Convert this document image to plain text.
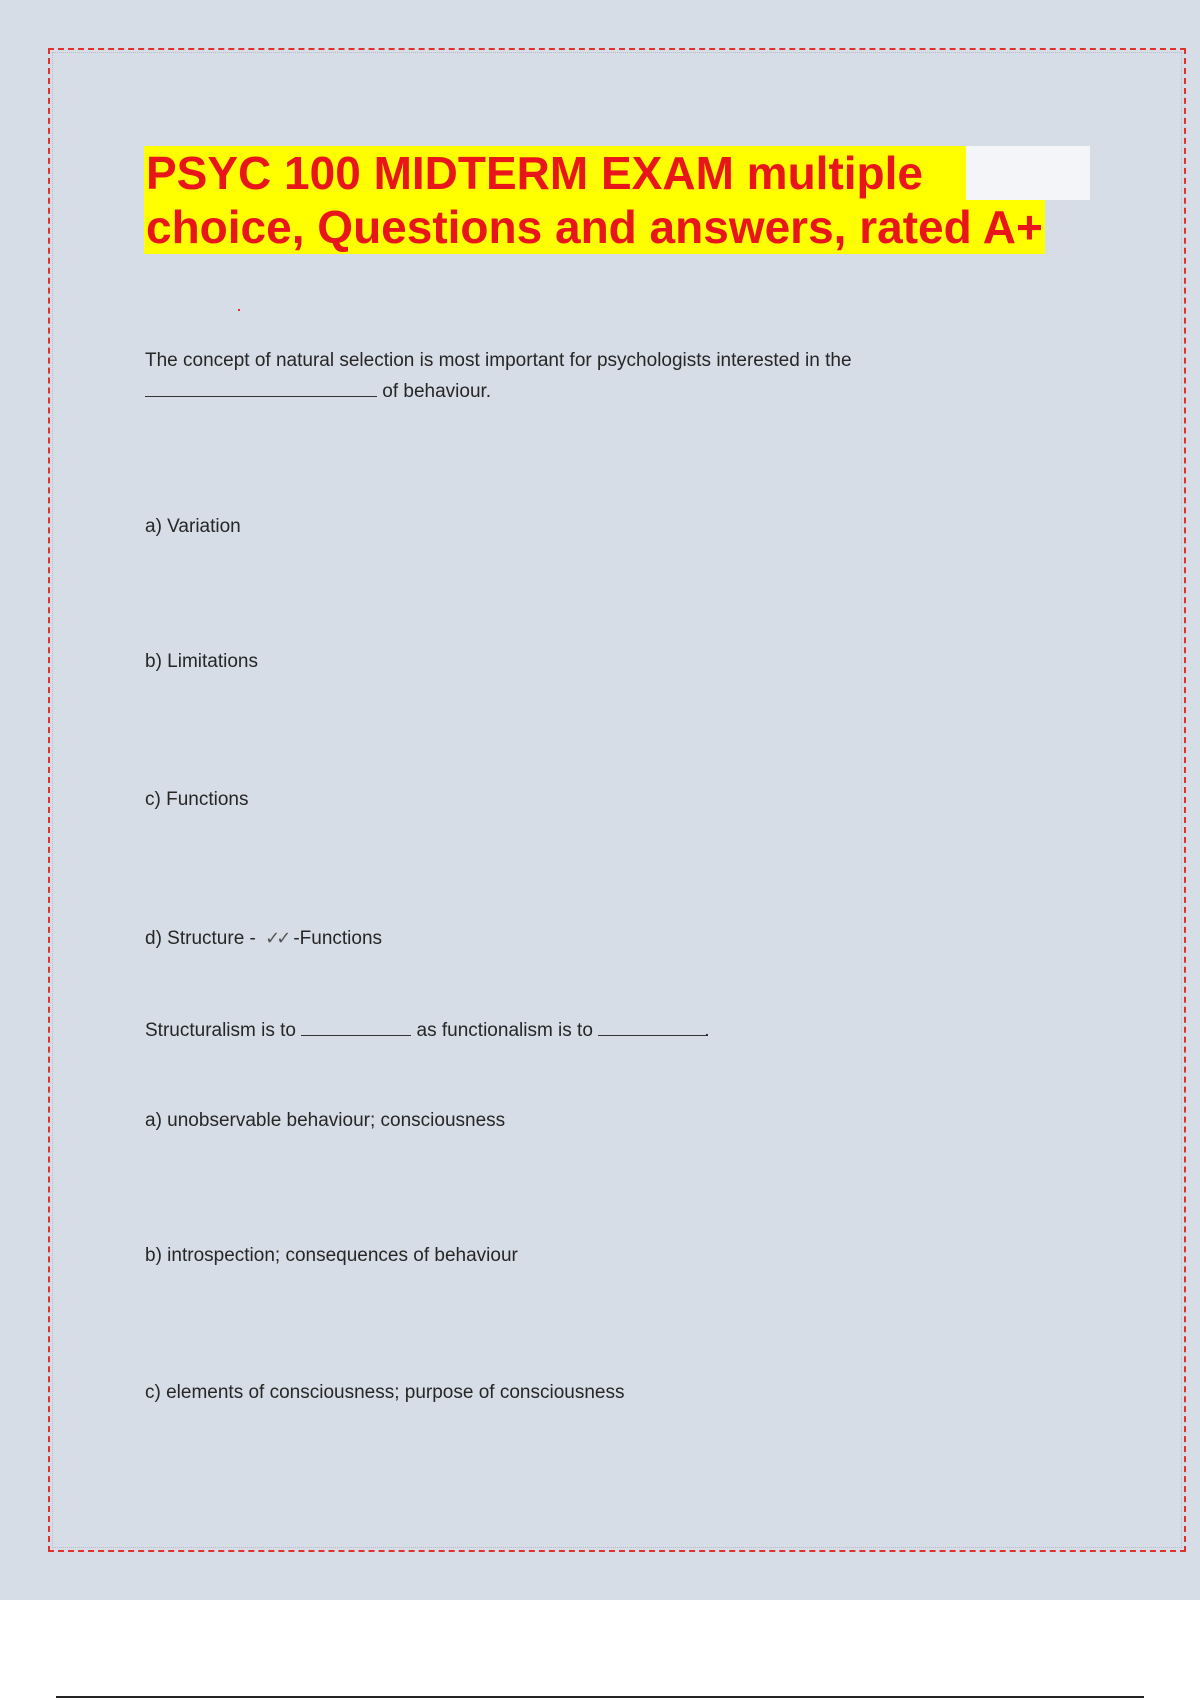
PSYC 100 MIDTERM EXAM multiple
choice, Questions and answers, rated A+
The concept of natural selection is most important for psychologists interested in the
of behaviour.
a) Variation
b) Limitations
c) Functions
d) Structure - ✓✓ -Functions
Structuralism is to	as functionalism is to	.
a) unobservable behaviour; consciousness
b) introspection; consequences of behaviour
c) elements of consciousness; purpose of consciousness
